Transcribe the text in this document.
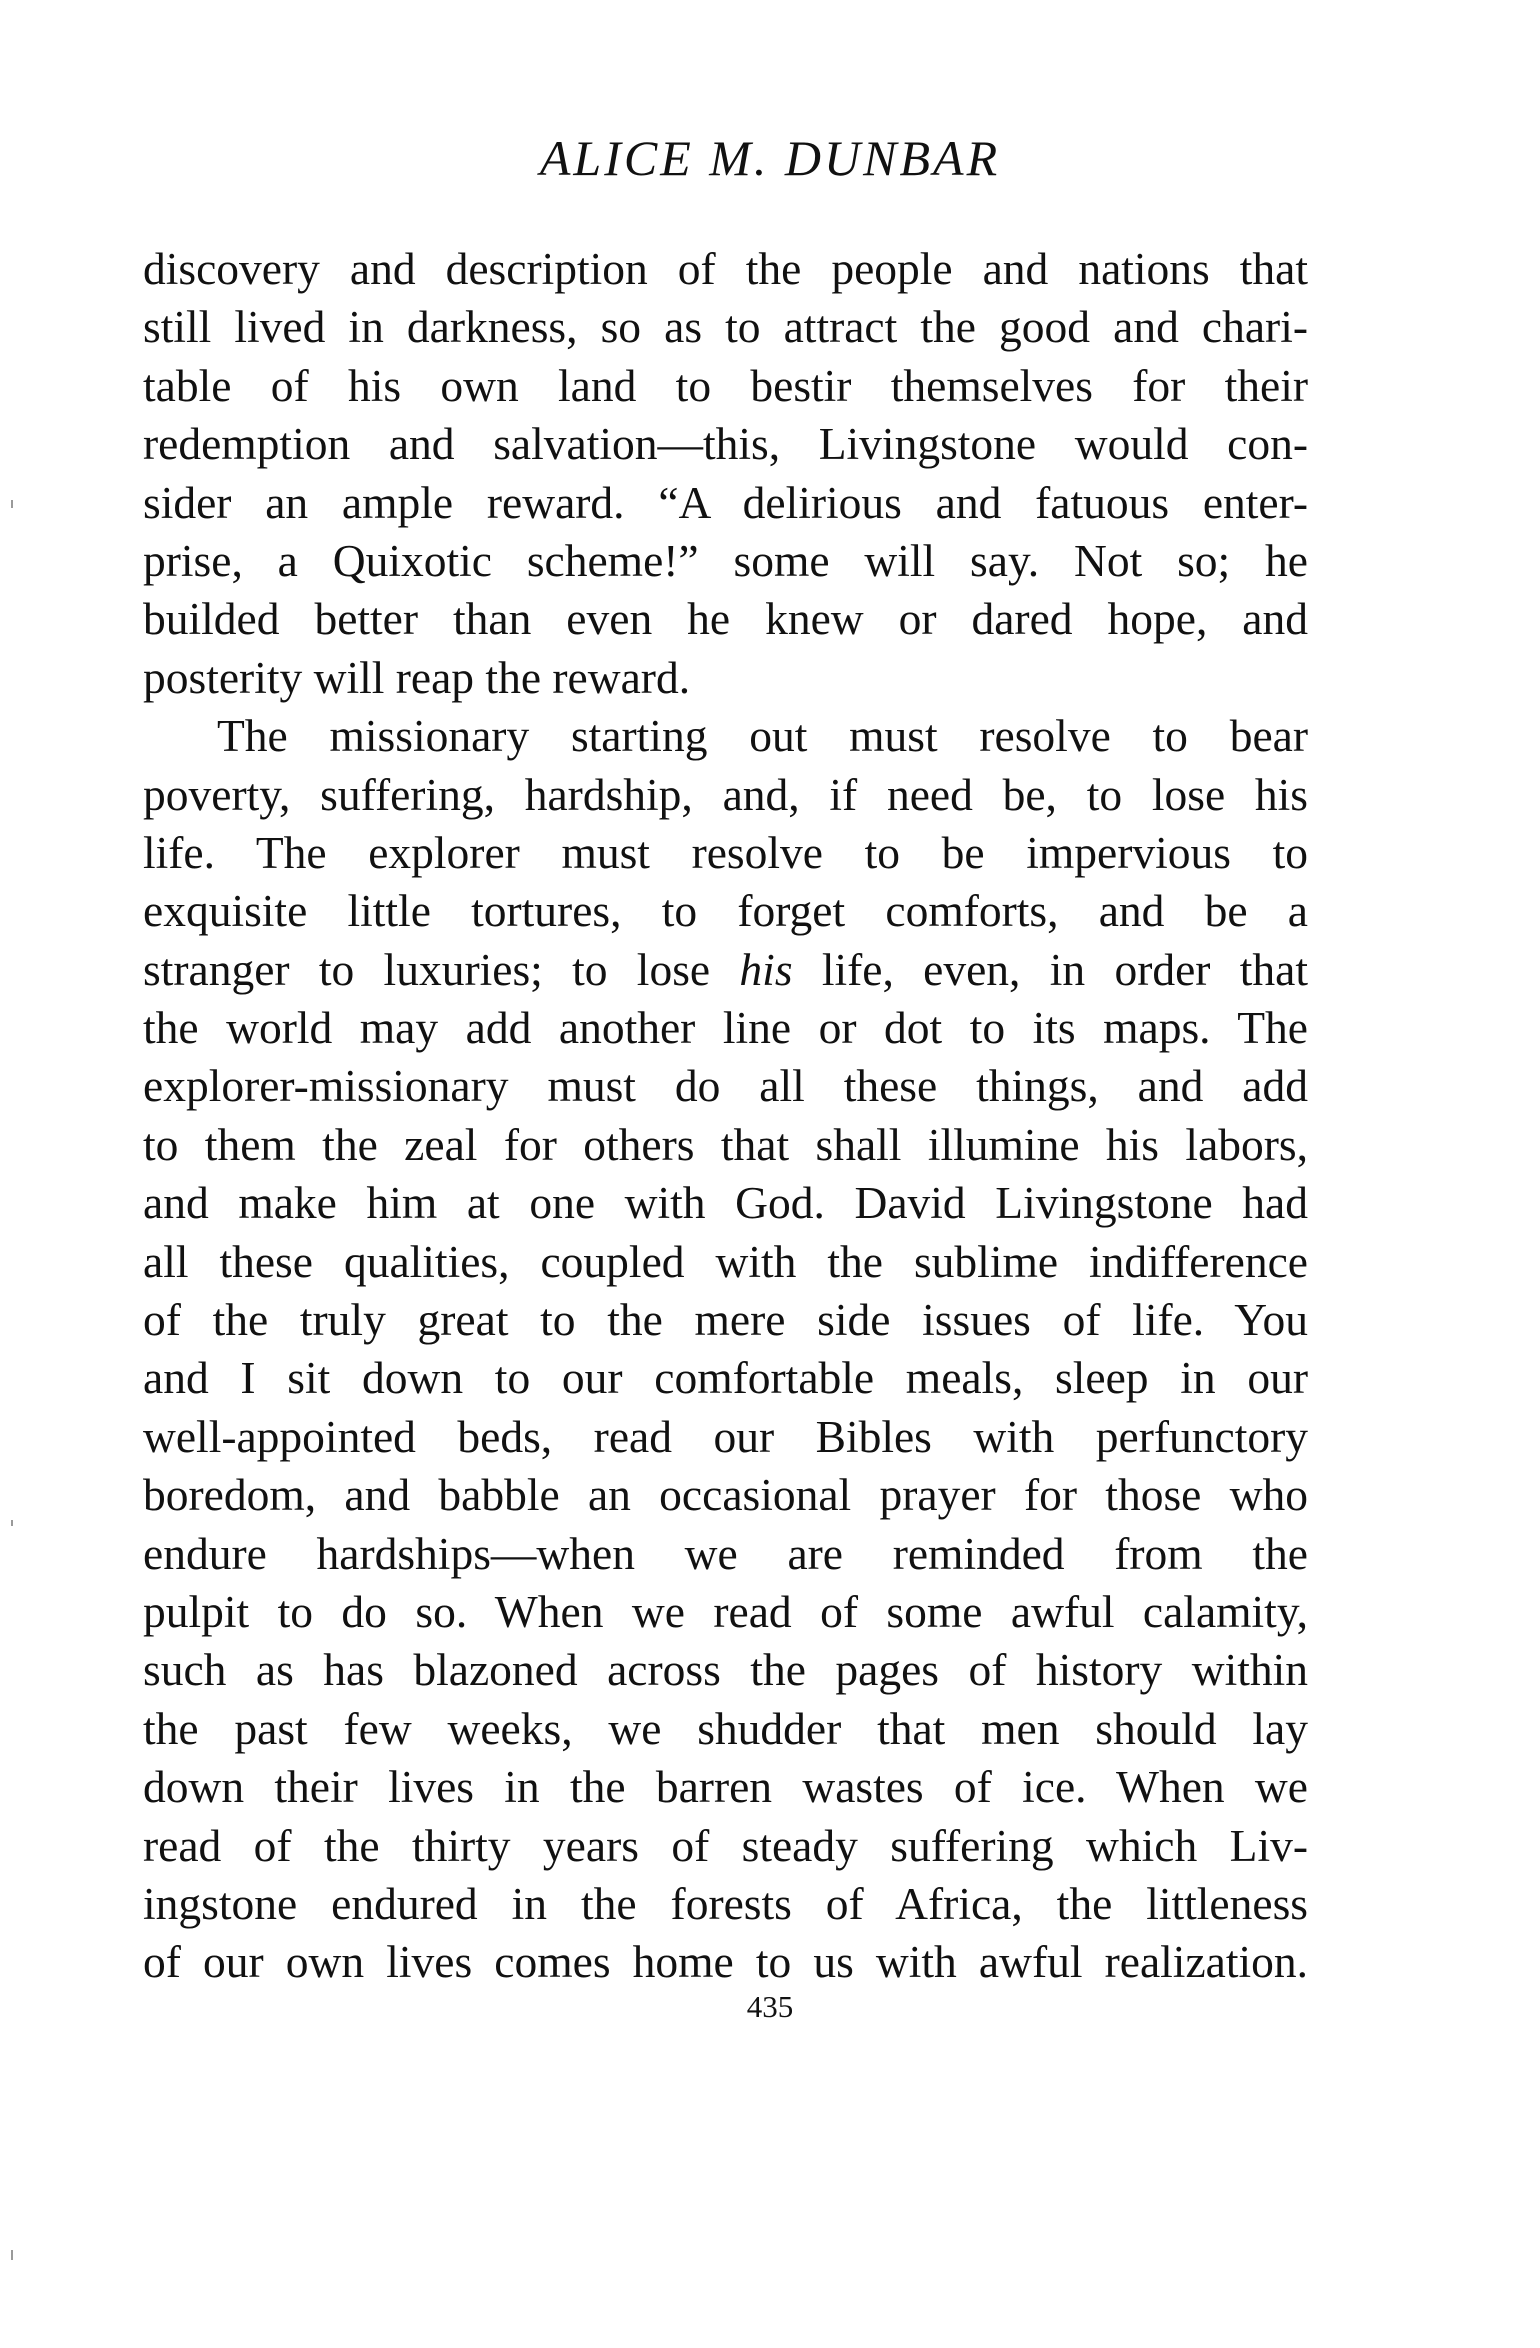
ALICE M. DUNBAR
discovery and description of the people and nations that
still lived in darkness, so as to attract the good and chari-
table of his own land to bestir themselves for their
redemption and salvation—this, Livingstone would con-
sider an ample reward. “A delirious and fatuous enter-
prise, a Quixotic scheme!” some will say. Not so; he
builded better than even he knew or dared hope, and
posterity will reap the reward.
The missionary starting out must resolve to bear
poverty, suffering, hardship, and, if need be, to lose his
life. The explorer must resolve to be impervious to
exquisite little tortures, to forget comforts, and be a
stranger to luxuries; to lose his life, even, in order that
the world may add another line or dot to its maps. The
explorer-missionary must do all these things, and add
to them the zeal for others that shall illumine his labors,
and make him at one with God. David Livingstone had
all these qualities, coupled with the sublime indifference
of the truly great to the mere side issues of life. You
and I sit down to our comfortable meals, sleep in our
well-appointed beds, read our Bibles with perfunctory
boredom, and babble an occasional prayer for those who
endure hardships—when we are reminded from the
pulpit to do so. When we read of some awful calamity,
such as has blazoned across the pages of history within
the past few weeks, we shudder that men should lay
down their lives in the barren wastes of ice. When we
read of the thirty years of steady suffering which Liv-
ingstone endured in the forests of Africa, the littleness
of our own lives comes home to us with awful realization.
435
